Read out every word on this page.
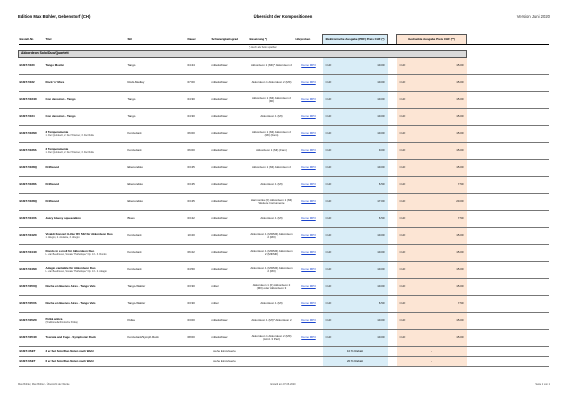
Edition Max Bühler, Gebenstorf (CH)	Übersicht der Kompositionen	Version Juni 2020
Bestell-Nr.	Titel	Stil	Dauer	Schwierigkeitsgrad	Besetzung *)	Hörproben	Elektronische Ausgabe (PDF) Preis CHF (*)			Gedruckte Ausgabe Preis CHF (**)		
					*) Auch als Solo spielbar							
Akkordeon Solo/Duo/Quartett												
BUET-5030	Tango Mocité	Tango	04:44	mittelschwer	Akkordeon 1 (MII)* Akkordeon 2	Demo MP3	CHF	10.00		CHF	15.00	
BUET-5032	Rock 'n' More	Rock-Medley	07:00	mittelschwer	Akkordeon 1 Akkordeon 2 (MII)	Demo MP3	CHF	10.00		CHF	15.00	
BUET-5034D	Con devozion - Tango	Tango	04:30	mittelschwer	Akkordeon 1 (MI) Akkordeon 2 (MI)	Demo MP3	CHF	10.00		CHF	15.00	
BUET-5034	Con devozion - Tango	Tango	04:30	mittelschwer	Akkordeon 1 (MI)	Demo MP3	CHF	10.00		CHF	15.00	
BUET-5036D	3 Temperamente
1. Der Quirukelz, 2. Der Träumer, 3. Der Rolle	Konzertant	06:00	mittelschwer	Akkordeon 1 (MI) Akkordeon 2 (MI) (Fam)	Demo MP3	CHF	10.00		CHF	15.00	
BUET-5036S	3 Temperamente
1. Der Quirukelz, 2. Der Träumer, 3. Der Rolle	Konzertant	06:00	mittelschwer	Akkordeon 1 (MI) (Fam)	Demo MP3	CHF	9.00		CHF	15.00	
BUET-5038Q	Driftwood	Ebenundsto	03:45	mittelschwer	Akkordeon 1 (MI) Akkordeon 2	Demo MP3	CHF	10.00		CHF	15.00	
BUET-5038S	Driftwood	Ebenundsto	03:45	mittelschwer	Akkordeon 1 (MI)	Demo MP3	CHF	6.50		CHF	7.50	
BUET-5038Q	Driftwood	Ebenundsto	03:45	mittelschwer	Harmonika (F) Akkordeon 1 (MI) Weitere Instrumente	Demo MP3	CHF	17.00		CHF	20.00	
BUET-5040S	Jazzy bluesy squeezeBox	Blues	03:42	mittelschwer	Akkordeon 1 (MI)	Demo MP3	CHF	6.50		CHF	7.50	
BUET-5042D	Vivaldi Konzert G-Dur RV 532 für Akkordeon Duo
1. Allegro, 2. Andante, 3. Allegro	Konzertant	10:20	mittelschwer	Akkordeon 1 (MII/MII) Akkordeon 2 (MII)	Demo MP3	CHF	10.00		CHF	15.00	
BUET-5044D	Rondo in c-moll für Akkordeon Duo
L. van Beethoven, Sonate "Pathétique" Op. 13 - 3. Rondo	Konzertant	06:22	mittelschwer	Akkordeon 1 (MII/MII) Akkordeon 2 (MII/MII)	Demo MP3	CHF	10.00		CHF	15.00	
BUET-5046D	Adagio cantabile für Akkordeon Duo
L. van Beethoven, Sonate "Pathétique" Op. 13 - 2. Adagio	Konzertant	04:50	mittelschwer	Akkordeon 1 (MII/MII) Akkordeon 2 (MII)	Demo MP3	CHF	10.00		CHF	15.00	
BUET-5050Q	Noche en Buenos Aires - Tango Vals	Tango-Walzer	03:30	mittel	Akkordeon 1 (F) Akkordeon 2 (MII) oder Akkordeon 3	Demo MP3	CHF	10.00		CHF	15.00	
BUET-5050S	Noche en Buenos Aires - Tango Vals	Tango-Walzer	03:30	mittel	Akkordeon 1 (MI)	Demo MP3	CHF	6.50		CHF	7.50	
BUET-5052D	Polkà antica
(Traditionelle/Finnische Polka)	Polka	03:00	mittelschwer	Akkordeon 1 (MI)* Akkordeon 2	Demo MP3	CHF	10.00		CHF	15.00	
BUET-5054D	Toccata and Fuge - Symphonic Rock	Konzertant/Symph.Rock	08:00	mittelschwer	Akkordeon 1 Akkordeon 2 (MII) (Acrd. 3 Part)	Demo MP3	CHF	10.00		CHF	15.00	
BUET-3SET	3 er Set Solo/Duo Noten nach Wahl	siehe Einzelwerte					10 % Rabatt			-		
BUET-6SET	6 er Set Solo/Duo Noten nach Wahl	siehe Einzelwerte					20 % Rabatt			-		
Max Bühler, Max Bühler - Übersicht der Werke	Erstellt am 07.06.2020	Seite 1 von 1
